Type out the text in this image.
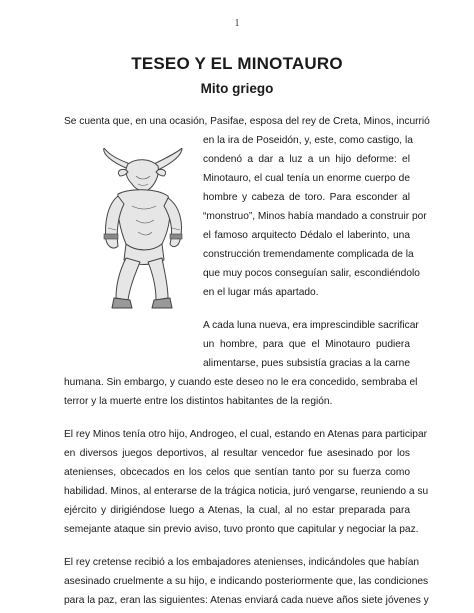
1
TESEO Y EL MINOTAURO
Mito griego
Se cuenta que, en una ocasión, Pasifae, esposa del rey de Creta, Minos, incurrió
en la ira de Poseidón, y, este, como castigo, la
condenó a dar a luz a un hijo deforme: el
Minotauro, el cual tenía un enorme cuerpo de
hombre y cabeza de toro. Para esconder al
“monstruo”, Minos había mandado a construir por
el famoso arquitecto Dédalo el laberinto, una
construcción tremendamente complicada de la
que muy pocos conseguían salir, escondiéndolo
en el lugar más apartado.
A cada luna nueva, era imprescindible sacrificar
un hombre, para que el Minotauro pudiera
alimentarse, pues subsistía gracias a la carne
humana. Sin embargo, y cuando este deseo no le era concedido, sembraba el
terror y la muerte entre los distintos habitantes de la región.
El rey Minos tenía otro hijo, Androgeo, el cual, estando en Atenas para participar
en diversos juegos deportivos, al resultar vencedor fue asesinado por los
atenienses, obcecados en los celos que sentían tanto por su fuerza como
habilidad. Minos, al enterarse de la trágica noticia, juró vengarse, reuniendo a su
ejército y dirigiéndose luego a Atenas, la cual, al no estar preparada para
semejante ataque sin previo aviso, tuvo pronto que capitular y negociar la paz.
El rey cretense recibió a los embajadores atenienses, indicándoles que habían
asesinado cruelmente a su hijo, e indicando posteriormente que, las condiciones
para la paz, eran las siguientes: Atenas enviará cada nueve años siete jóvenes y
